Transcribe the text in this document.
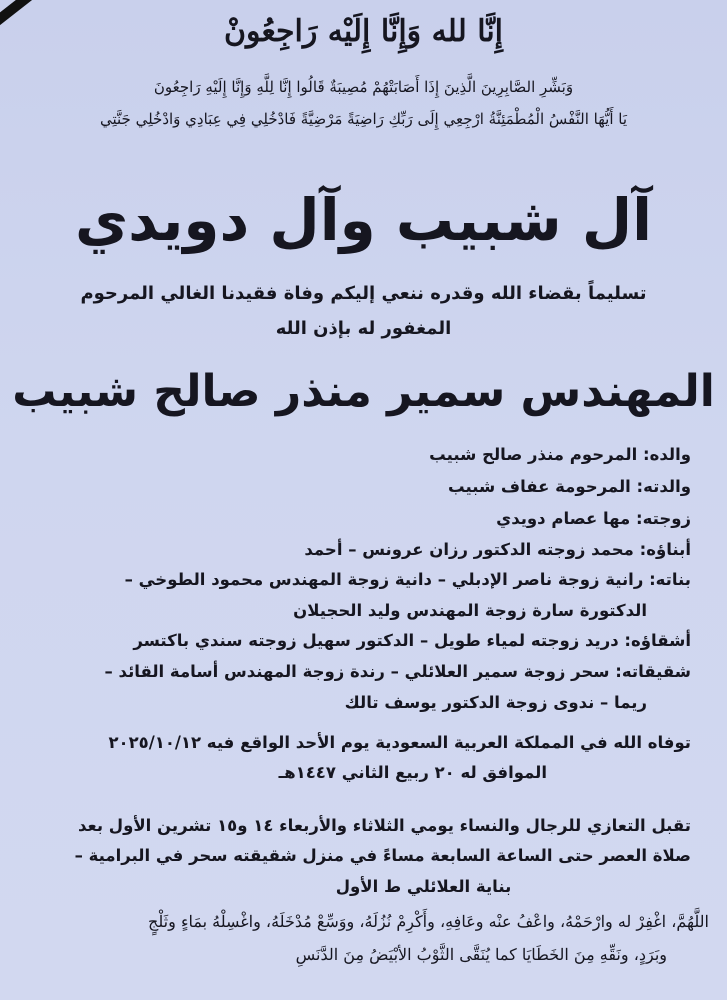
إِنَّا لله وَإِنَّا إِلَيْه رَاجِعُونْ
وَبَشِّرِ الصَّابِرِينَ الَّذِينَ إِذَا أَصَابَتْهُمْ مُصِيبَةٌ قَالُوا إِنَّا لِلَّهِ وَإِنَّا إِلَيْهِ رَاجِعُونَ
يَا أَيُّهَا النَّفْسُ الْمُطْمَئِنَّةُ ارْجِعِي إِلَى رَبِّكِ رَاضِيَةً مَرْضِيَّةً فَادْخُلِي فِي عِبَادِي وَادْخُلِي جَنَّتِي
آل شبيب وآل دويدي
تسليماً بقضاء الله وقدره ننعي إليكم وفاة فقيدنا الغالي المرحوم
المغفور له بإذن الله
المهندس سمير منذر صالح شبيب
والده: المرحوم منذر صالح شبيب
والدته: المرحومة عفاف شبيب
زوجته: مها عصام دويدي
أبناؤه: محمد زوجته الدكتور رزان عرونس – أحمد
بناته: رانية زوجة ناصر الإدبلي – دانية زوجة المهندس محمود الطوخي –
الدكتورة سارة زوجة المهندس وليد الحجيلان
أشقاؤه: دريد زوجته لمياء طويل – الدكتور سهيل زوجته سندي باكتسر
شقيقاته: سحر زوجة سمير العلائلي – رندة زوجة المهندس أسامة القائد –
ريما – ندوى زوجة الدكتور يوسف تالك
توفاه الله في المملكة العربية السعودية يوم الأحد الواقع فيه ٢٠٢٥/١٠/١٢
الموافق له ٢٠ ربيع الثاني ١٤٤٧هـ
تقبل التعازي للرجال والنساء يومي الثلاثاء والأربعاء ١٤ و١٥ تشرين الأول بعد
صلاة العصر حتى الساعة السابعة مساءً في منزل شقيقته سحر في البرامية –
بناية العلائلي ط الأول
اللَّهُمَّ، اغْفِرْ له وارْحَمْهُ، واعْفُ عنْه وعَافِهِ، وأَكْرِمْ نُزُلَهُ، ووَسِّعْ مُدْخَلَهُ، واغْسِلْهُ بمَاءٍ وثَلْجٍ
وبَرَدٍ، ونَقِّهِ مِنَ الخَطَايَا كما يُنَقَّى الثَّوْبُ الأبْيَضُ مِنَ الدَّنَسِ
